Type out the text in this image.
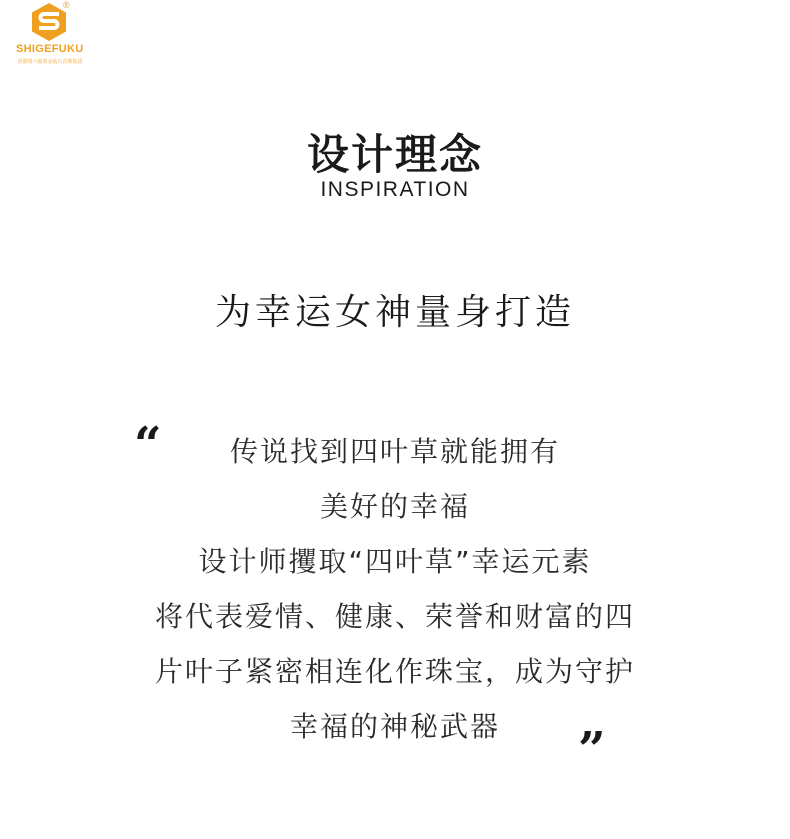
®
SHIGEFUKU
香港周六福黄金钻石首饰集团
设计理念
INSPIRATION
为幸运女神量身打造
“
”
传说找到四叶草就能拥有
美好的幸福
设计师攫取“四叶草”幸运元素
将代表爱情、健康、荣誉和财富的四
片叶子紧密相连化作珠宝，成为守护
幸福的神秘武器
